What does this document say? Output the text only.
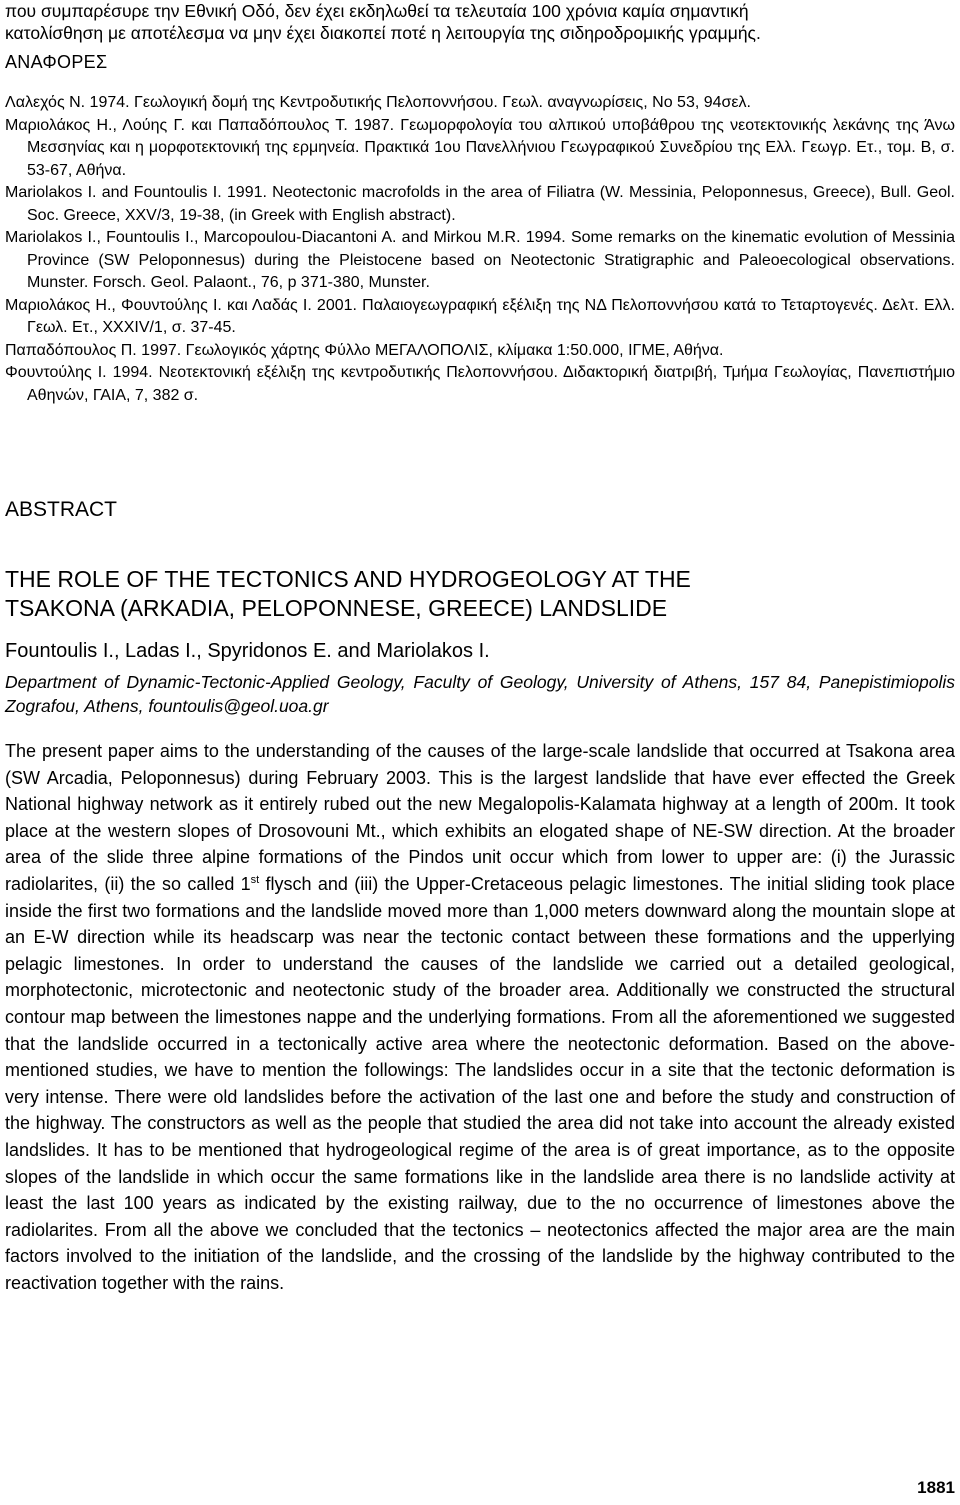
που συμπαρέσυρε την Εθνική Οδό, δεν έχει εκδηλωθεί τα τελευταία 100 χρόνια καμία σημαντική

κατολίσθηση με αποτέλεσμα να μην έχει διακοπεί ποτέ η λειτουργία της σιδηροδρομικής γραμμής.

ΑΝΑΦΟΡΕΣ

Λαλεχός Ν. 1974. Γεωλογική δομή της Κεντροδυτικής Πελοποννήσου. Γεωλ. αναγνωρίσεις, Νο 53, 94σελ.

Μαριολάκος Η., Λούης Γ. και Παπαδόπουλος Τ. 1987. Γεωμορφολογία του αλπικού υποβάθρου της νεοτεκτονικής λεκάνης της Άνω Μεσσηνίας και η μορφοτεκτονική της ερμηνεία. Πρακτικά 1ου Πανελλήνιου Γεωγραφικού Συνεδρίου της Ελλ. Γεωγρ. Ετ., τομ. Β, σ. 53-67, Αθήνα.

Mariolakos I. and Fountoulis I. 1991. Neotectonic macrofolds in the area of Filiatra (W. Messinia, Peloponnesus, Greece), Bull. Geol. Soc. Greece, XXV/3, 19-38, (in Greek with English abstract).

Mariolakos I., Fountoulis I., Marcopoulou-Diacantoni A. and Mirkou M.R. 1994. Some remarks on the kinematic evolution of Messinia Province (SW Peloponnesus) during the Pleistocene based on Neotectonic Stratigraphic and Paleoecological observations. Munster. Forsch. Geol. Palaont., 76, p 371-380, Munster.

Μαριολάκος Η., Φουντούλης Ι. και Λαδάς Ι. 2001. Παλαιογεωγραφική εξέλιξη της ΝΔ Πελοποννήσου κατά το Τεταρτογενές. Δελτ. Ελλ. Γεωλ. Ετ., XXXIV/1, σ. 37-45.

Παπαδόπουλος Π. 1997. Γεωλογικός χάρτης Φύλλο ΜΕΓΑΛΟΠΟΛΙΣ, κλίμακα 1:50.000, ΙΓΜΕ, Αθήνα.

Φουντούλης Ι. 1994. Νεοτεκτονική εξέλιξη της κεντροδυτικής Πελοποννήσου. Διδακτορική διατριβή, Τμήμα Γεωλογίας, Πανεπιστήμιο Αθηνών, ΓΑΙΑ, 7, 382 σ.

ABSTRACT
THE ROLE OF THE TECTONICS AND HYDROGEOLOGY AT THE
TSAKONA (ARKADIA, PELOPONNESE, GREECE) LANDSLIDE
Fountoulis I., Ladas I., Spyridonos E. and Mariolakos I.
Department of Dynamic-Tectonic-Applied Geology, Faculty of Geology, University of Athens, 157 84, Panepistimiopolis Zografou, Athens, fountoulis@geol.uoa.gr

The present paper aims to the understanding of the causes of the large-scale landslide that occurred at Tsakona area (SW Arcadia, Peloponnesus) during February 2003. This is the largest landslide that have ever effected the Greek National highway network as it entirely rubed out the new Megalopolis-Kalamata highway at a length of 200m. It took place at the western slopes of Drosovouni Mt., which exhibits an elogated shape of NE-SW direction. At the broader area of the slide three alpine formations of the Pindos unit occur which from lower to upper are: (i) the Jurassic radiolarites, (ii) the so called 1st flysch and (iii) the Upper-Cretaceous pelagic limestones. The initial sliding took place inside the first two formations and the landslide moved more than 1,000 meters downward along the mountain slope at an E-W direction while its headscarp was near the tectonic contact between these formations and the upperlying pelagic limestones. In order to understand the causes of the landslide we carried out a detailed geological, morphotectonic, microtectonic and neotectonic study of the broader area. Additionally we constructed the structural contour map between the limestones nappe and the underlying formations. From all the aforementioned we suggested that the landslide occurred in a tectonically active area where the neotectonic deformation. Based on the above-mentioned studies, we have to mention the followings: The landslides occur in a site that the tectonic deformation is very intense. There were old landslides before the activation of the last one and before the study and construction of the highway. The constructors as well as the people that studied the area did not take into account the already existed landslides. It has to be mentioned that hydrogeological regime of the area is of great importance, as to the opposite slopes of the landslide in which occur the same formations like in the landslide area there is no landslide activity at least the last 100 years as indicated by the existing railway, due to the no occurrence of limestones above the radiolarites. From all the above we concluded that the tectonics – neotectonics affected the major area are the main factors involved to the initiation of the landslide, and the crossing of the landslide by the highway contributed to the reactivation together with the rains.

1881
